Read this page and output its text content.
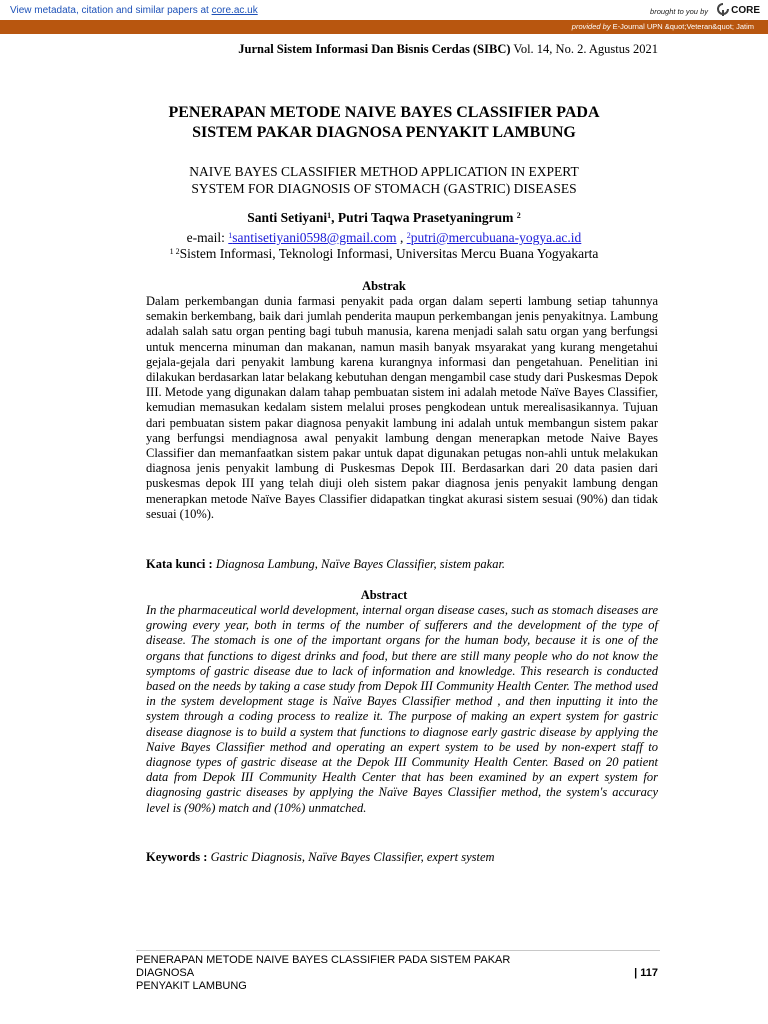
View metadata, citation and similar papers at core.ac.uk	brought to you by CORE
provided by E-Journal UPN &quot;Veteran&quot; Jatim
Jurnal Sistem Informasi Dan Bisnis Cerdas (SIBC) Vol. 14, No. 2. Agustus 2021
PENERAPAN METODE NAIVE BAYES CLASSIFIER PADA
SISTEM PAKAR DIAGNOSA PENYAKIT LAMBUNG
NAIVE BAYES CLASSIFIER METHOD APPLICATION IN EXPERT
SYSTEM FOR DIAGNOSIS OF STOMACH (GASTRIC) DISEASES
Santi Setiyani$^1$, Putri Taqwa Prasetyaningrum $^2$
e-mail: $^1$santisetiyani0598@gmail.com , $^2$putri@mercubuana-yogya.ac.id
$^{1 2}$Sistem Informasi, Teknologi Informasi, Universitas Mercu Buana Yogyakarta
Abstrak
Dalam perkembangan dunia farmasi penyakit pada organ dalam seperti lambung setiap tahunnya semakin berkembang, baik dari jumlah penderita maupun perkembangan jenis penyakitnya. Lambung adalah salah satu organ penting bagi tubuh manusia, karena menjadi salah satu organ yang berfungsi untuk mencerna minuman dan makanan, namun masih banyak msyarakat yang kurang mengetahui gejala-gejala dari penyakit lambung karena kurangnya informasi dan pengetahuan. Penelitian ini dilakukan berdasarkan latar belakang kebutuhan dengan mengambil case study dari Puskesmas Depok III. Metode yang digunakan dalam tahap pembuatan sistem ini adalah metode Naïve Bayes Classifier, kemudian memasukan kedalam sistem melalui proses pengkodean untuk merealisasikannya. Tujuan dari pembuatan sistem pakar diagnosa penyakit lambung ini adalah untuk membangun sistem pakar yang berfungsi mendiagnosa awal penyakit lambung dengan menerapkan metode Naive Bayes Classifier dan memanfaatkan sistem pakar untuk dapat digunakan petugas non-ahli untuk melakukan diagnosa jenis penyakit lambung di Puskesmas Depok III. Berdasarkan dari 20 data pasien dari puskesmas depok III yang telah diuji oleh sistem pakar diagnosa jenis penyakit lambung dengan menerapkan metode Naïve Bayes Classifier didapatkan tingkat akurasi sistem sesuai (90%) dan tidak sesuai (10%).
Kata kunci : Diagnosa Lambung, Naïve Bayes Classifier, sistem pakar.
Abstract
In the pharmaceutical world development, internal organ disease cases, such as stomach diseases are growing every year, both in terms of the number of sufferers and the development of the type of disease. The stomach is one of the important organs for the human body, because it is one of the organs that functions to digest drinks and food, but there are still many people who do not know the symptoms of gastric disease due to lack of information and knowledge. This research is conducted based on the needs by taking a case study from Depok III Community Health Center. The method used in the system development stage is Naïve Bayes Classifier method , and then inputting it into the system through a coding process to realize it. The purpose of making an expert system for gastric disease diagnose is to build a system that functions to diagnose early gastric disease by applying the Naive Bayes Classifier method and operating an expert system to be used by non-expert staff to diagnose types of gastric disease at the Depok III Community Health Center. Based on 20 patient data from Depok III Community Health Center that has been examined by an expert system for diagnosing gastric diseases by applying the Naïve Bayes Classifier method, the system's accuracy level is (90%) match and (10%) unmatched.
Keywords : Gastric Diagnosis, Naïve Bayes Classifier, expert system
PENERAPAN METODE NAIVE BAYES CLASSIFIER PADA SISTEM PAKAR DIAGNOSA
PENYAKIT LAMBUNG
| 117
